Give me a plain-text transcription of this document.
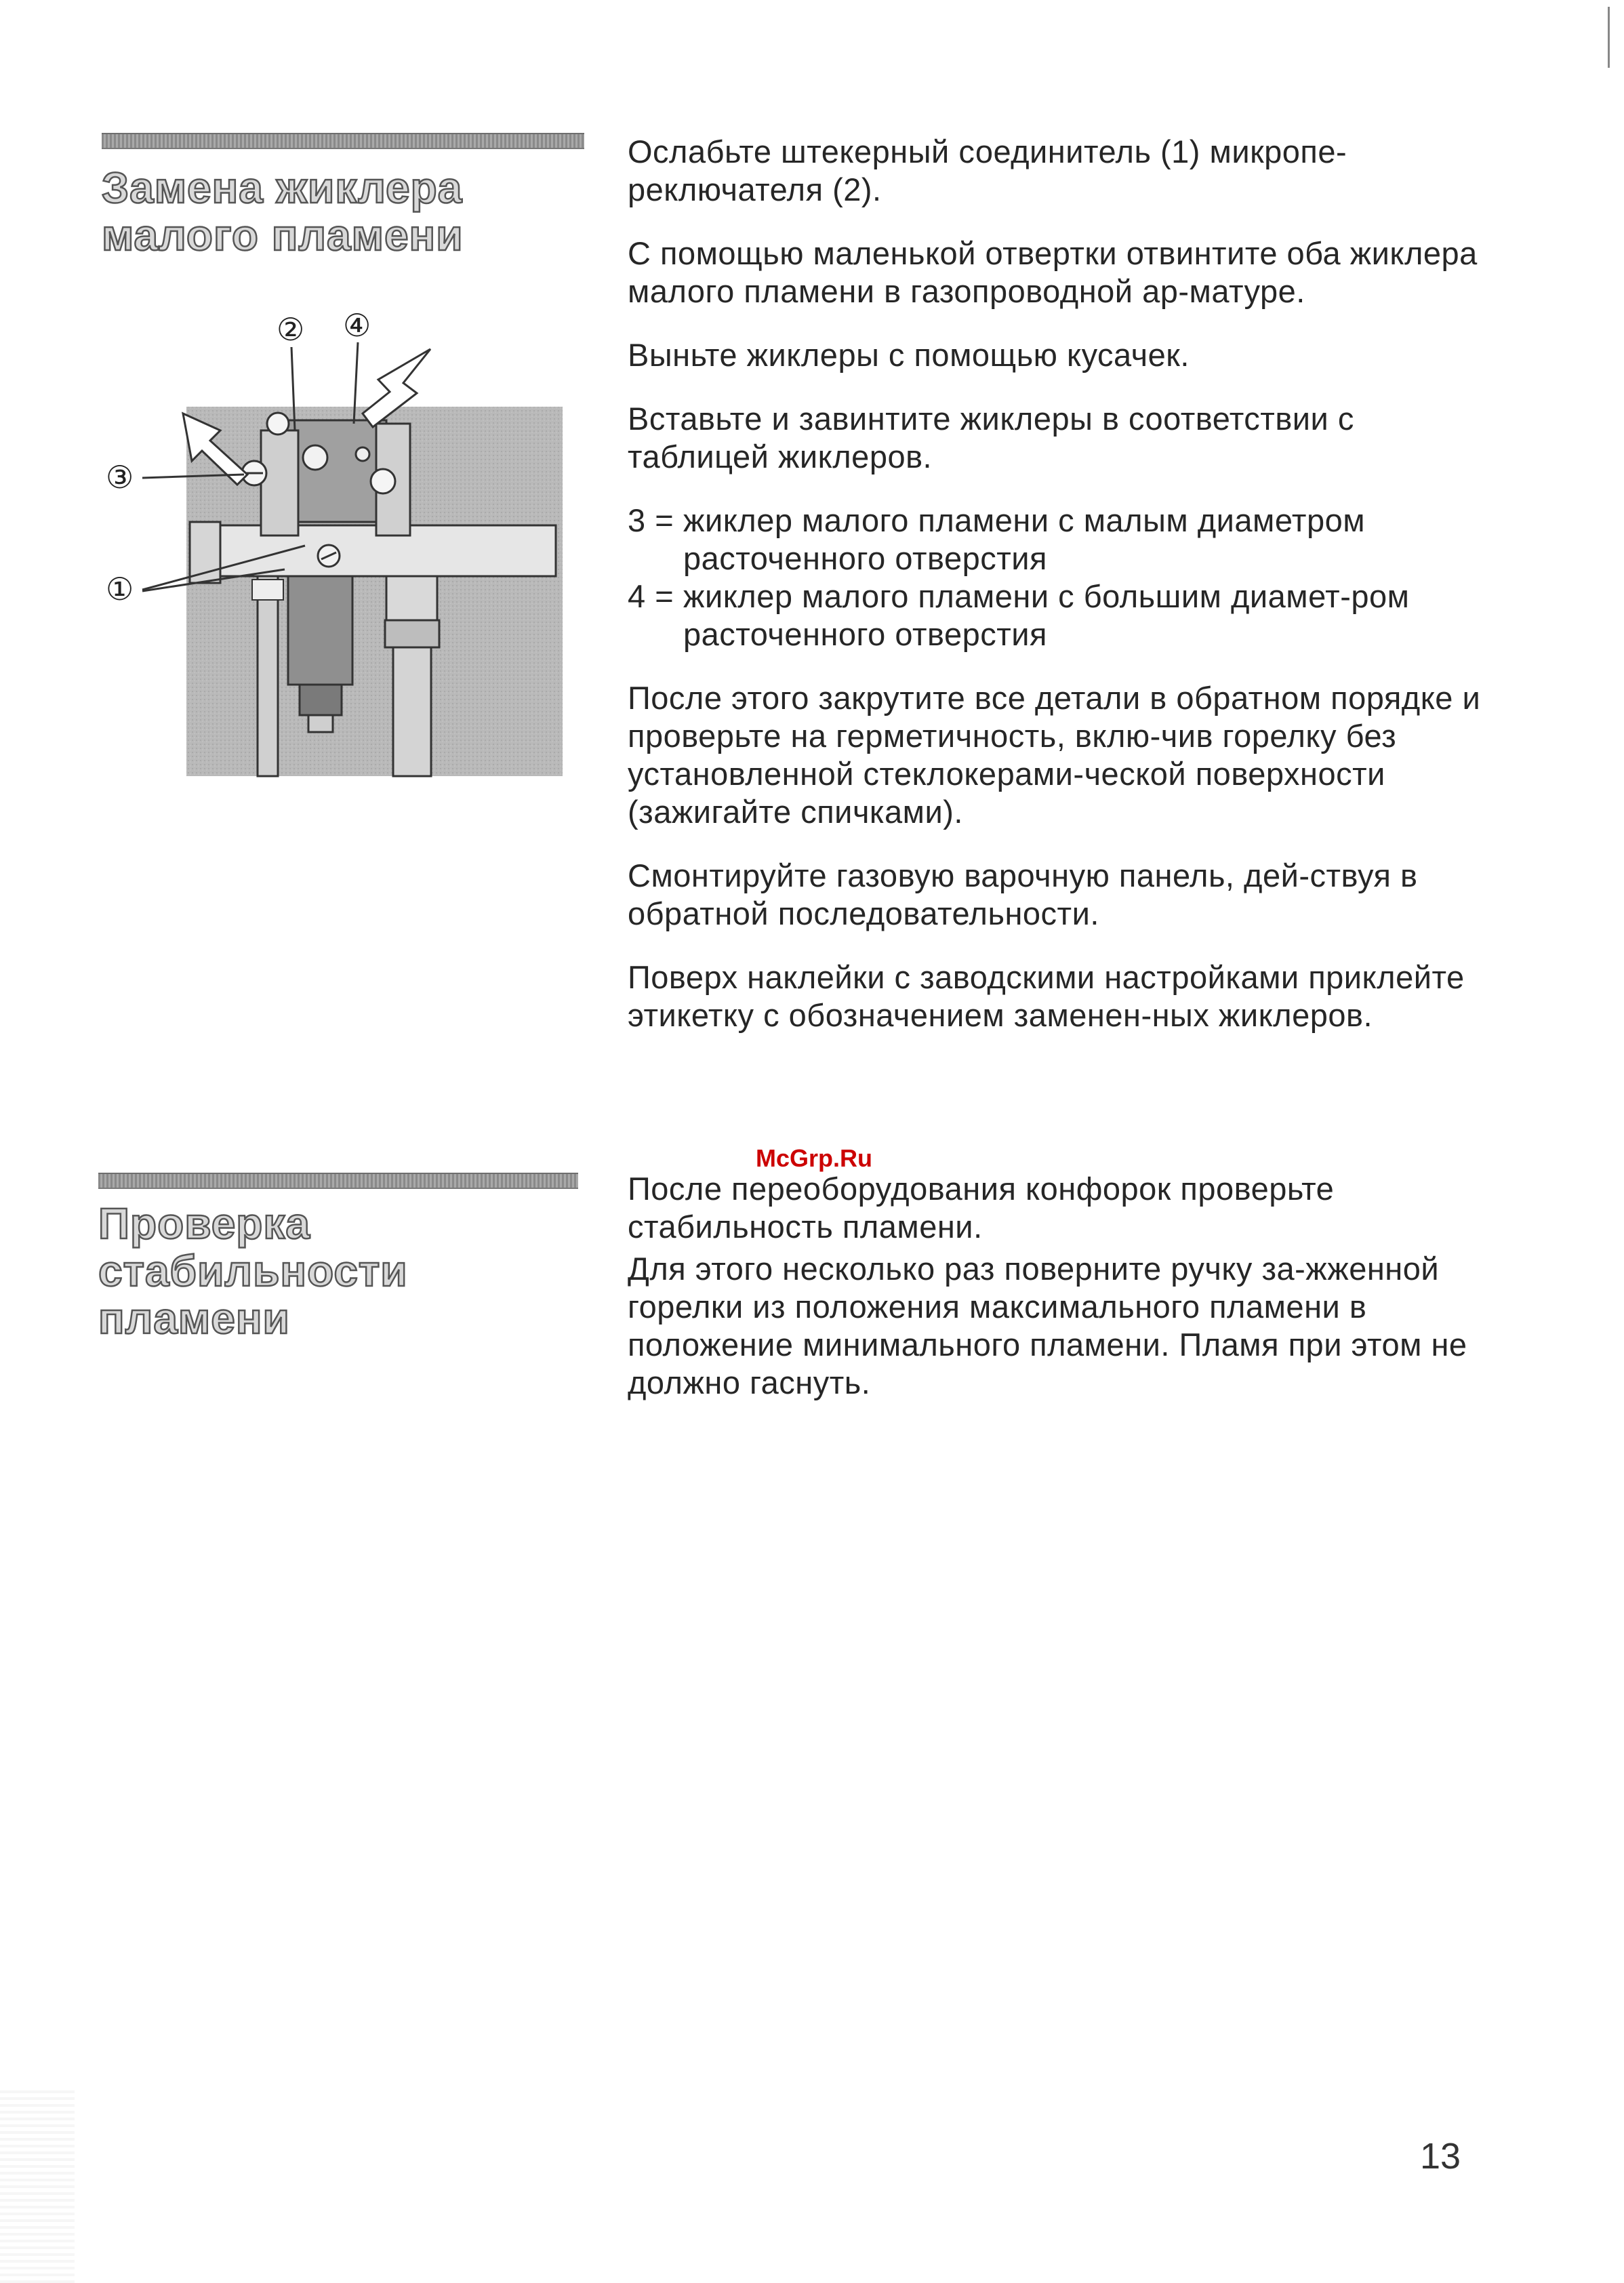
Замена жиклера
малого пламени
② ④
③
①

Ослабьте штекерный соединитель (1) микропе-реключателя (2).

С помощью маленькой отвертки отвинтите оба жиклера малого пламени в газопроводной ар-матуре.

Выньте жиклеры с помощью кусачек.

Вставьте и завинтите жиклеры в соответствии с таблицей жиклеров.

3 = жиклер малого пламени с малым диаметром расточенного отверстия
4 = жиклер малого пламени с большим диамет-ром расточенного отверстия

После этого закрутите все детали в обратном порядке и проверьте на герметичность, вклю-чив горелку без установленной стеклокерами-ческой поверхности (зажигайте спичками).

Смонтируйте газовую варочную панель, дей-ствуя в обратной последовательности.

Поверх наклейки с заводскими настройками приклейте этикетку с обозначением заменен-ных жиклеров.

McGrp.Ru
Проверка
стабильности
пламени

После переоборудования конфорок проверьте стабильность пламени.

Для этого несколько раз поверните ручку за-жженной горелки из положения максимального пламени в положение минимального пламени. Пламя при этом не должно гаснуть.

13
